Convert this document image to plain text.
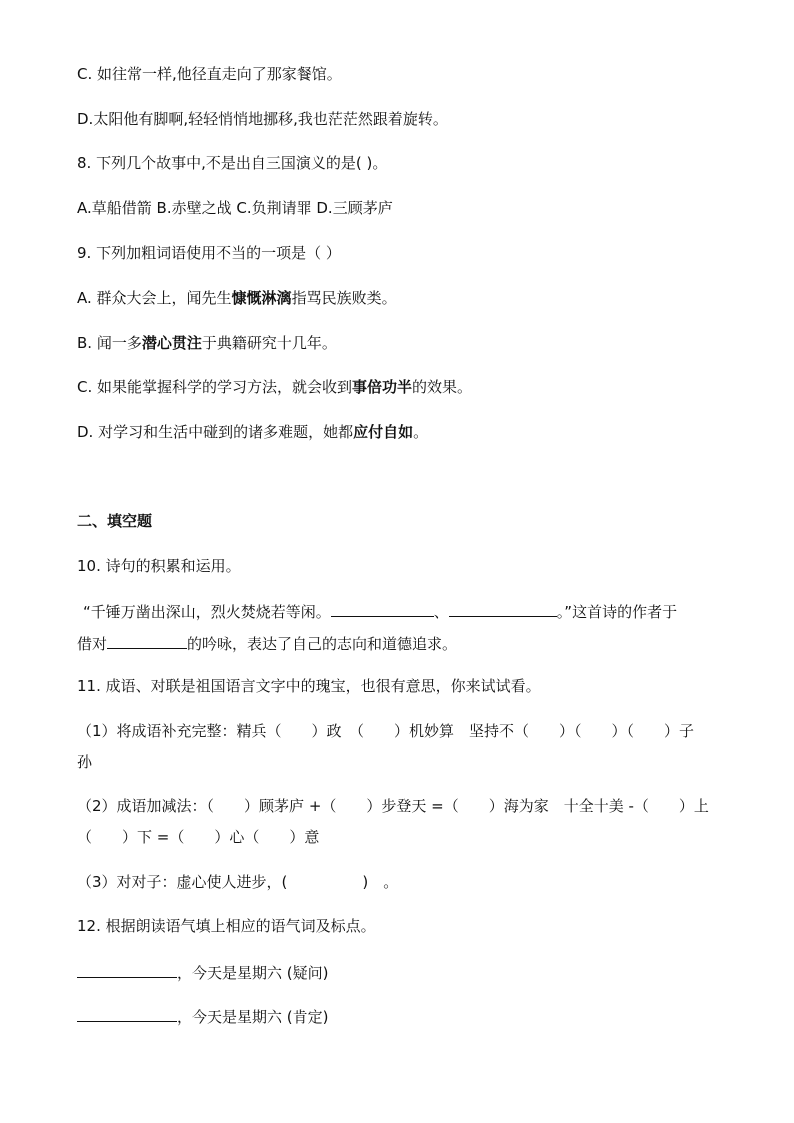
C. 如往常一样,他径直走向了那家餐馆。
D.太阳他有脚啊,轻轻悄悄地挪移,我也茫茫然跟着旋转。
8. 下列几个故事中,不是出自三国演义的是( )。
A.草船借箭 B.赤壁之战 C.负荆请罪 D.三顾茅庐
9. 下列加粗词语使用不当的一项是（ ）
A. 群众大会上，闻先生慷慨淋漓指骂民族败类。
B. 闻一多潜心贯注于典籍研究十几年。
C. 如果能掌握科学的学习方法，就会收到事倍功半的效果。
D. 对学习和生活中碰到的诸多难题，她都应付自如。
二、填空题
10. 诗句的积累和运用。
“千锤万凿出深山，烈火焚烧若等闲。	、	。”这首诗的作者于
借对	的吟咏，表达了自己的志向和道德追求。
11. 成语、对联是祖国语言文字中的瑰宝，也很有意思，你来试试看。
（1）将成语补充完整：精兵（　　）政　（　　）机妙算　坚持不（　　）（　　）（　　）子
孙
（2）成语加减法：（　　）顾茅庐 +（　　）步登天 =（　　）海为家　十全十美 -（　　）上
（　　）下 =（　　）心（　　）意
（3）对对子：虚心使人进步，(　　　　　)　。
12. 根据朗读语气填上相应的语气词及标点。
，今天是星期六 (疑问)
，今天是星期六 (肯定)
